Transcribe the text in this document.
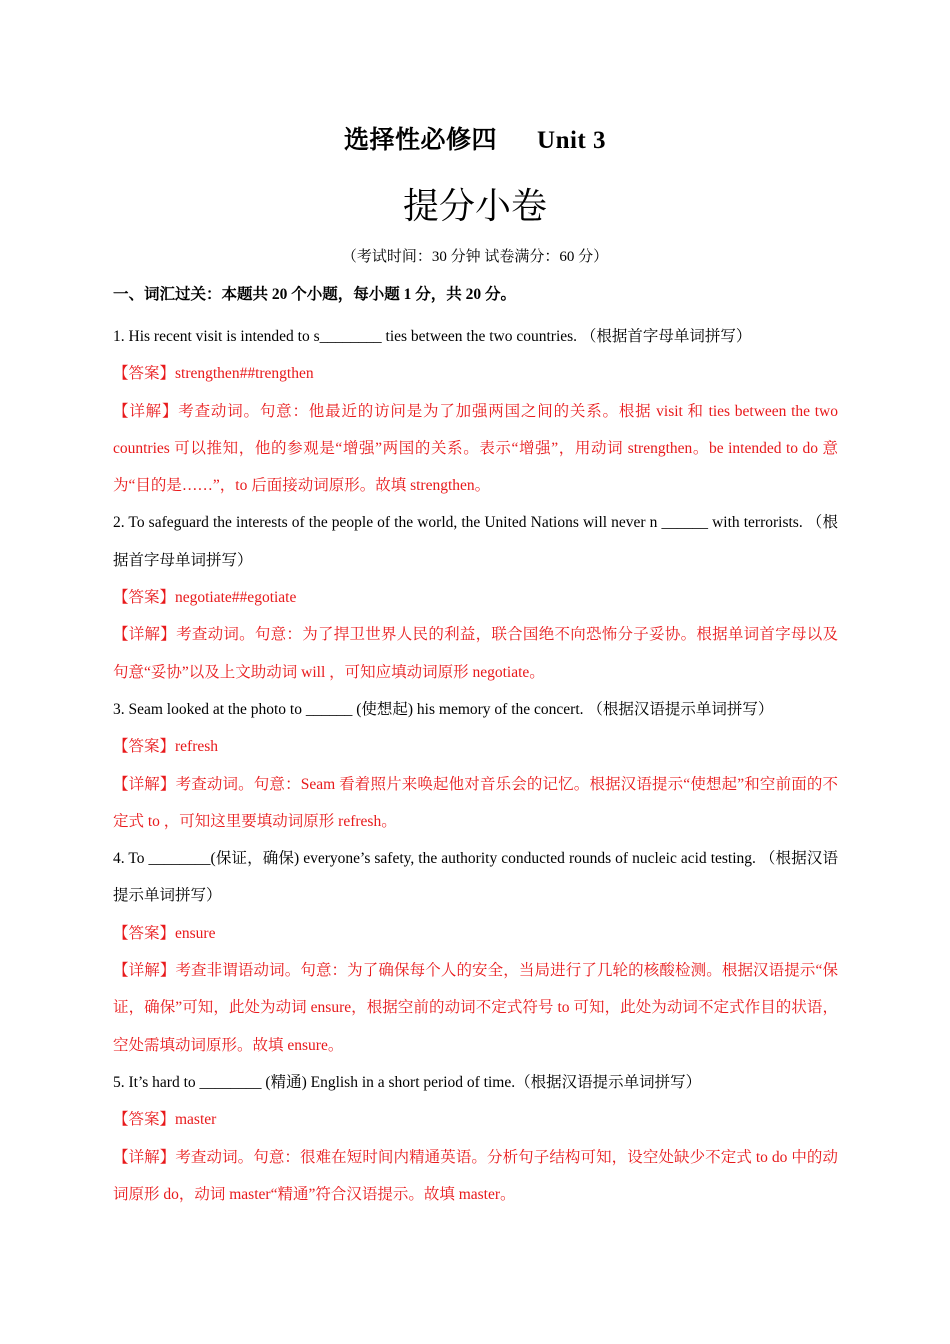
选择性必修四 Unit 3
提分小卷
（考试时间：30 分钟 试卷满分：60 分）
一、词汇过关：本题共 20 个小题，每小题 1 分，共 20 分。

1. His recent visit is intended to s________ ties between the two countries. （根据首字母单词拼写）

【答案】strengthen##trengthen

【详解】考查动词。句意：他最近的访问是为了加强两国之间的关系。根据 visit 和 ties between the two countries 可以推知，他的参观是“增强”两国的关系。表示“增强”，用动词 strengthen。be intended to do 意为“目的是……”，to 后面接动词原形。故填 strengthen。

2. To safeguard the interests of the people of the world, the United Nations will never n ______ with terrorists. （根据首字母单词拼写）

【答案】negotiate##egotiate

【详解】考查动词。句意：为了捍卫世界人民的利益，联合国绝不向恐怖分子妥协。根据单词首字母以及句意“妥协”以及上文助动词 will ，可知应填动词原形 negotiate。

3. Seam looked at the photo to ______ (使想起) his memory of the concert. （根据汉语提示单词拼写）

【答案】refresh

【详解】考查动词。句意：Seam 看着照片来唤起他对音乐会的记忆。根据汉语提示“使想起”和空前面的不定式 to ，可知这里要填动词原形 refresh。

4. To ________(保证，确保) everyone’s safety, the authority conducted rounds of nucleic acid testing. （根据汉语提示单词拼写）

【答案】ensure

【详解】考查非谓语动词。句意：为了确保每个人的安全，当局进行了几轮的核酸检测。根据汉语提示“保证，确保”可知，此处为动词 ensure，根据空前的动词不定式符号 to 可知，此处为动词不定式作目的状语，空处需填动词原形。故填 ensure。

5. It’s hard to ________ (精通) English in a short period of time.（根据汉语提示单词拼写）

【答案】master

【详解】考查动词。句意：很难在短时间内精通英语。分析句子结构可知，设空处缺少不定式 to do 中的动词原形 do，动词 master“精通”符合汉语提示。故填 master。
